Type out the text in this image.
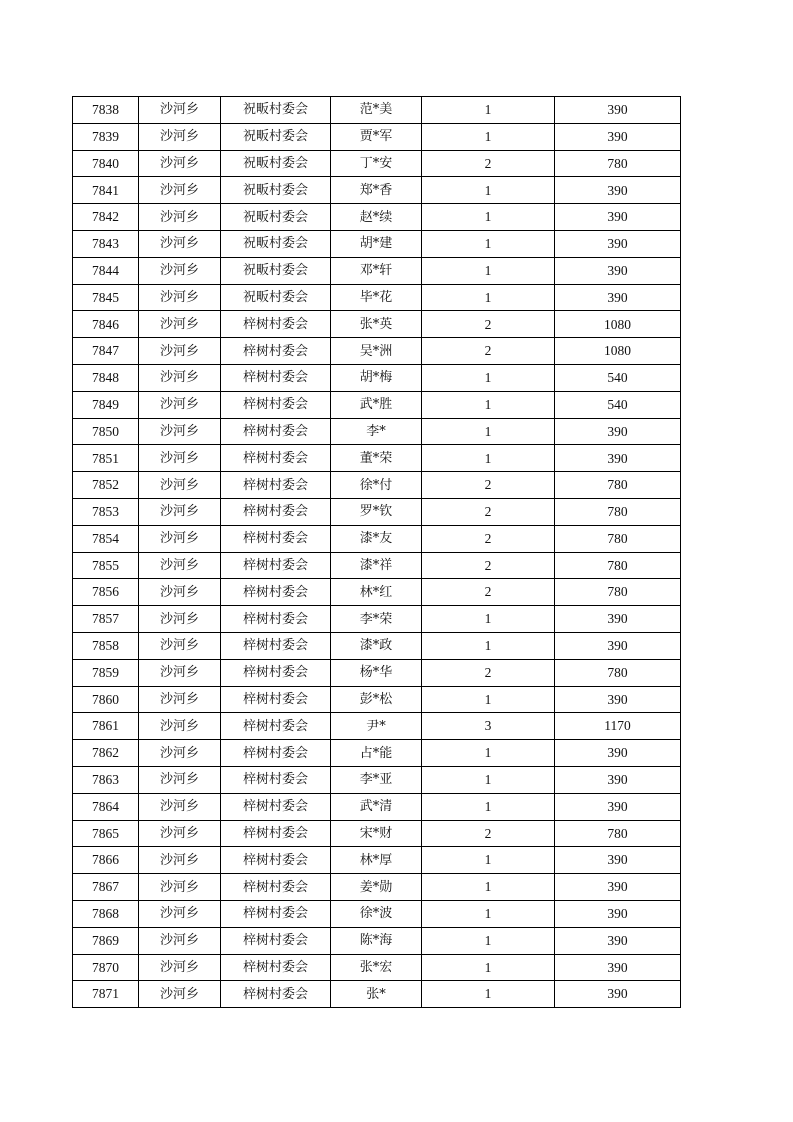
7838	沙河乡	祝畈村委会	范*美	1	390
7839	沙河乡	祝畈村委会	贾*军	1	390
7840	沙河乡	祝畈村委会	丁*安	2	780
7841	沙河乡	祝畈村委会	郑*香	1	390
7842	沙河乡	祝畈村委会	赵*续	1	390
7843	沙河乡	祝畈村委会	胡*建	1	390
7844	沙河乡	祝畈村委会	邓*轩	1	390
7845	沙河乡	祝畈村委会	毕*花	1	390
7846	沙河乡	梓树村委会	张*英	2	1080
7847	沙河乡	梓树村委会	吴*洲	2	1080
7848	沙河乡	梓树村委会	胡*梅	1	540
7849	沙河乡	梓树村委会	武*胜	1	540
7850	沙河乡	梓树村委会	李*	1	390
7851	沙河乡	梓树村委会	董*荣	1	390
7852	沙河乡	梓树村委会	徐*付	2	780
7853	沙河乡	梓树村委会	罗*钦	2	780
7854	沙河乡	梓树村委会	漆*友	2	780
7855	沙河乡	梓树村委会	漆*祥	2	780
7856	沙河乡	梓树村委会	林*红	2	780
7857	沙河乡	梓树村委会	李*荣	1	390
7858	沙河乡	梓树村委会	漆*政	1	390
7859	沙河乡	梓树村委会	杨*华	2	780
7860	沙河乡	梓树村委会	彭*松	1	390
7861	沙河乡	梓树村委会	尹*	3	1170
7862	沙河乡	梓树村委会	占*能	1	390
7863	沙河乡	梓树村委会	李*亚	1	390
7864	沙河乡	梓树村委会	武*清	1	390
7865	沙河乡	梓树村委会	宋*财	2	780
7866	沙河乡	梓树村委会	林*厚	1	390
7867	沙河乡	梓树村委会	姜*勋	1	390
7868	沙河乡	梓树村委会	徐*波	1	390
7869	沙河乡	梓树村委会	陈*海	1	390
7870	沙河乡	梓树村委会	张*宏	1	390
7871	沙河乡	梓树村委会	张*	1	390
